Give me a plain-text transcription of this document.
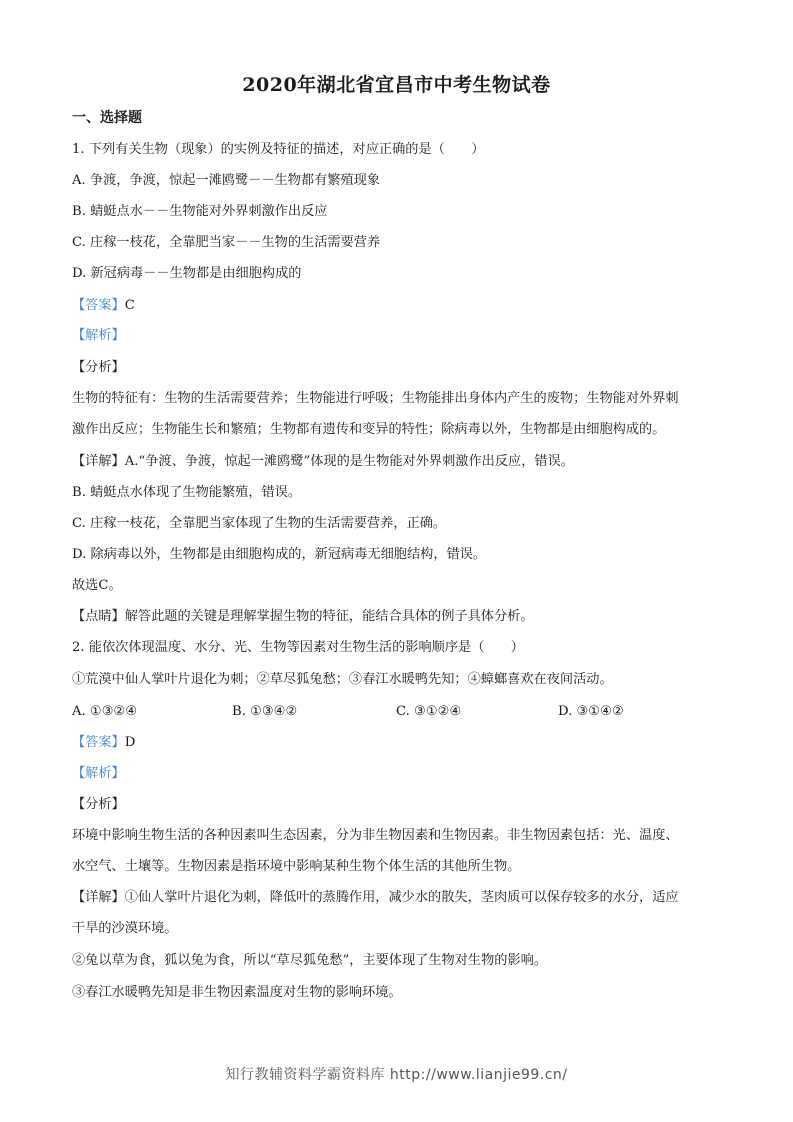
2020年湖北省宜昌市中考生物试卷
一、选择题
1. 下列有关生物（现象）的实例及特征的描述，对应正确的是（　　）
A. 争渡，争渡，惊起一滩鸥鹭－－生物都有繁殖现象
B. 蜻蜓点水－－生物能对外界刺激作出反应
C. 庄稼一枝花，全靠肥当家－－生物的生活需要营养
D. 新冠病毒－－生物都是由细胞构成的
【答案】C
【解析】
【分析】
生物的特征有：生物的生活需要营养；生物能进行呼吸；生物能排出身体内产生的废物；生物能对外界刺
激作出反应；生物能生长和繁殖；生物都有遗传和变异的特性；除病毒以外，生物都是由细胞构成的。
【详解】A.“争渡、争渡，惊起一滩鸥鹭”体现的是生物能对外界刺激作出反应，错误。
B. 蜻蜓点水体现了生物能繁殖，错误。
C. 庄稼一枝花，全靠肥当家体现了生物的生活需要营养，正确。
D. 除病毒以外，生物都是由细胞构成的，新冠病毒无细胞结构，错误。
故选C。
【点睛】解答此题的关键是理解掌握生物的特征，能结合具体的例子具体分析。
2. 能依次体现温度、水分、光、生物等因素对生物生活的影响顺序是（　　）
①荒漠中仙人掌叶片退化为刺；②草尽狐兔愁；③春江水暖鸭先知；④蟑螂喜欢在夜间活动。
A. ①③②④	B. ①③④②	C. ③①②④	D. ③①④②
【答案】D
【解析】
【分析】
环境中影响生物生活的各种因素叫生态因素，分为非生物因素和生物因素。非生物因素包括：光、温度、
水空气、土壤等。生物因素是指环境中影响某种生物个体生活的其他所生物。
【详解】①仙人掌叶片退化为刺，降低叶的蒸腾作用，减少水的散失，茎肉质可以保存较多的水分，适应
干旱的沙漠环境。
②兔以草为食，狐以兔为食，所以“草尽狐兔愁”，主要体现了生物对生物的影响。
③春江水暖鸭先知是非生物因素温度对生物的影响环境。
知行教辅资料学霸资料库 http://www.lianjie99.cn/
